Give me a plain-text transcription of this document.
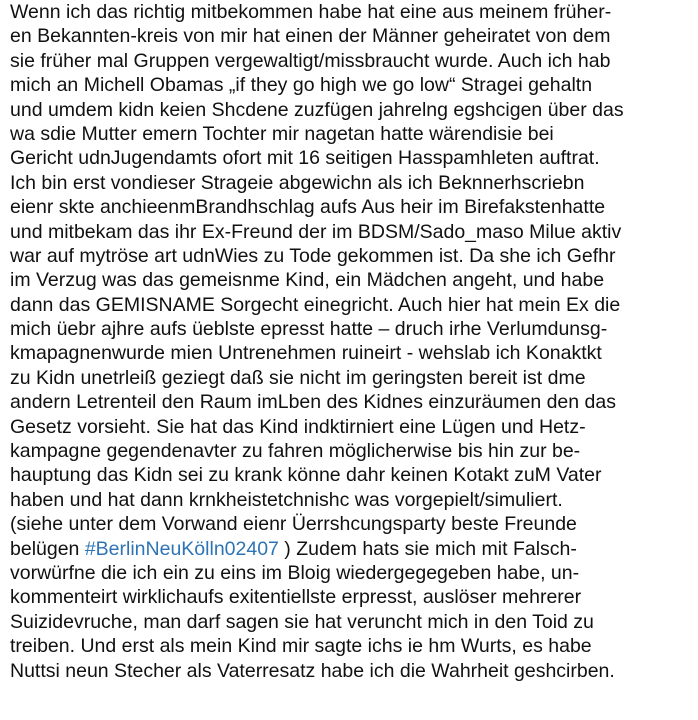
Wenn ich das richtig mitbekommen habe hat eine aus meinem früher-
en Bekannten-kreis von mir hat einen der Männer geheiratet von dem
sie früher mal Gruppen vergewaltigt/missbraucht wurde. Auch ich hab
mich an Michell Obamas „if they go high we go low“ Stragei gehaltn
und umdem kidn keien Shcdene zuzfügen jahrelng egshcigen über das
wa sdie Mutter emern Tochter mir nagetan hatte wärendisie bei
Gericht udnJugendamts ofort mit 16 seitigen Hasspamhleten auftrat.
Ich bin erst vondieser Strageie abgewichn als ich Beknnerhscriebn
eienr skte anchieenmBrandhschlag aufs Aus heir im Birefakstenhatte
und mitbekam das ihr Ex-Freund der im BDSM/Sado_maso Milue aktiv
war auf mytröse art udnWies zu Tode gekommen ist. Da she ich Gefhr
im Verzug was das gemeisnme Kind, ein Mädchen angeht, und habe
dann das GEMISNAME Sorgecht einegricht. Auch hier hat mein Ex die
mich üebr ajhre aufs üeblste epresst hatte – druch irhe Verlumdunsg-
kmapagnenwurde mien Untrenehmen ruineirt - wehslab ich Konaktkt
zu Kidn unetrleiß geziegt daß sie nicht im geringsten bereit ist dme
andern Letrenteil den Raum imLben des Kidnes einzuräumen den das
Gesetz vorsieht. Sie hat das Kind indktirniert eine Lügen und Hetz-
kampagne gegendenavter zu fahren möglicherwise bis hin zur be-
hauptung das Kidn sei zu krank könne dahr keinen Kotakt zuM Vater
haben und hat dann krnkheistetchnishc was vorgepielt/simuliert.
(siehe unter dem Vorwand eienr Üerrshcungsparty beste Freunde
belügen #BerlinNeuKölln02407 ) Zudem hats sie mich mit Falsch-
vorwürfne die ich ein zu eins im Bloig wiedergegegeben habe, un-
kommenteirt wirklichaufs exitentiellste erpresst, auslöser mehrerer
Suizidevruche, man darf sagen sie hat veruncht mich in den Toid zu
treiben. Und erst als mein Kind mir sagte ichs ie hm Wurts, es habe
Nuttsi neun Stecher als Vaterresatz habe ich die Wahrheit geshcirben.
